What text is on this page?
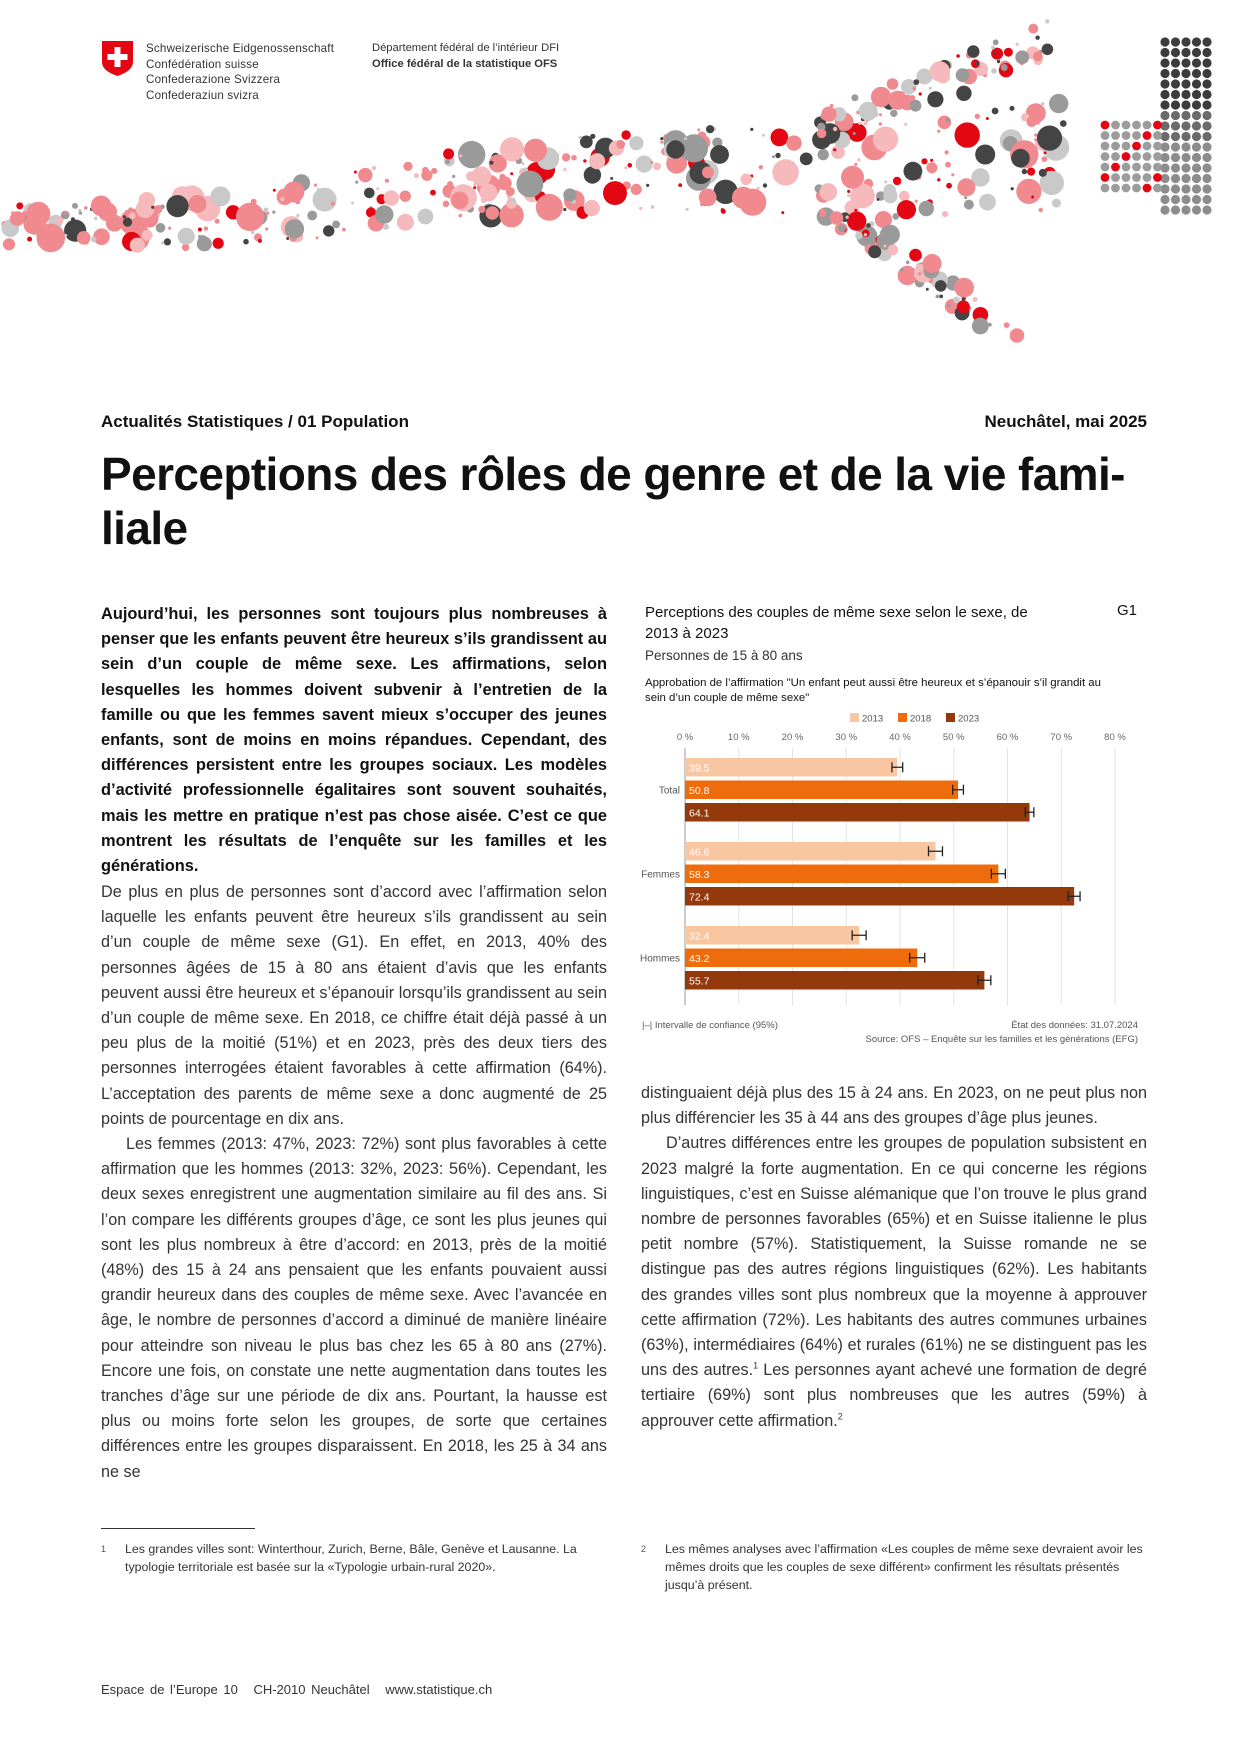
Schweizerische Eidgenossenschaft
Confédération suisse
Confederazione Svizzera
Confederaziun svizra
Département fédéral de l’intérieur DFI
Office fédéral de la statistique OFS
Actualités Statistiques / 01 Population	Neuchâtel, mai 2025
Perceptions des rôles de genre et de la vie fami-
liale
Aujourd’hui, les personnes sont toujours plus nombreuses à penser que les enfants peuvent être heureux s’ils grandissent au sein d’un couple de même sexe. Les affirmations, selon lesquelles les hommes doivent subvenir à l’entretien de la famille ou que les femmes savent mieux s’occuper des jeunes enfants, sont de moins en moins répandues. Cependant, des différences persistent entre les groupes sociaux. Les modèles d’activité professionnelle égalitaires sont souvent souhaités, mais les mettre en pratique n’est pas chose aisée. C’est ce que montrent les résultats de l’enquête sur les familles et les générations.

De plus en plus de personnes sont d’accord avec l’affirmation selon laquelle les enfants peuvent être heureux s’ils grandissent au sein d’un couple de même sexe (G1). En effet, en 2013, 40% des personnes âgées de 15 à 80 ans étaient d’avis que les enfants peuvent aussi être heureux et s’épanouir lorsqu’ils grandissent au sein d’un couple de même sexe. En 2018, ce chiffre était déjà passé à un peu plus de la moitié (51%) et en 2023, près des deux tiers des personnes interrogées étaient favorables à cette affirmation (64%). L’acceptation des parents de même sexe a donc augmenté de 25 points de pourcentage en dix ans.

Les femmes (2013: 47%, 2023: 72%) sont plus favorables à cette affirmation que les hommes (2013: 32%, 2023: 56%). Cependant, les deux sexes enregistrent une augmentation similaire au fil des ans. Si l’on compare les différents groupes d’âge, ce sont les plus jeunes qui sont les plus nombreux à être d’accord: en 2013, près de la moitié (48%) des 15 à 24 ans pensaient que les enfants pouvaient aussi grandir heureux dans des couples de même sexe. Avec l’avancée en âge, le nombre de personnes d’accord a diminué de manière linéaire pour atteindre son niveau le plus bas chez les 65 à 80 ans (27%). Encore une fois, on constate une nette augmentation dans toutes les tranches d’âge sur une période de dix ans. Pourtant, la hausse est plus ou moins forte selon les groupes, de sorte que certaines différences entre les groupes disparaissent. En 2018, les 25 à 34 ans ne se

distinguaient déjà plus des 15 à 24 ans. En 2023, on ne peut plus non plus différencier les 35 à 44 ans des groupes d’âge plus jeunes.

D’autres différences entre les groupes de population subsistent en 2023 malgré la forte augmentation. En ce qui concerne les régions linguistiques, c’est en Suisse alémanique que l’on trouve le plus grand nombre de personnes favorables (65%) et en Suisse italienne le plus petit nombre (57%). Statistiquement, la Suisse romande ne se distingue pas des autres régions linguistiques (62%). Les habitants des grandes villes sont plus nombreux que la moyenne à approuver cette affirmation (72%). Les habitants des autres communes urbaines (63%), intermédiaires (64%) et rurales (61%) ne se distinguent pas les uns des autres.$^1$ Les personnes ayant achevé une formation de degré tertiaire (69%) sont plus nombreuses que les autres (59%) à approuver cette affirmation.$^2$

Perceptions des couples de même sexe selon le sexe, de 2013 à 2023
G1
Personnes de 15 à 80 ans
Approbation de l’affirmation "Un enfant peut aussi être heureux et s’épanouir s’il grandit au sein d’un couple de même sexe"
2013	2018	2023
0 %	10 %	20 %	30 %	40 %	50 %	60 %	70 %	80 %
Total
39.5
50.8
64.1
Femmes
46.6
58.3
72.4
Hommes
32.4
43.2
55.7
|–| Intervalle de confiance (95%)	État des données: 31.07.2024
Source: OFS – Enquête sur les familles et les générations (EFG)
1 Les grandes villes sont: Winterthour, Zurich, Berne, Bâle, Genève et Lausanne. La typologie territoriale est basée sur la «Typologie urbain-rural 2020».
2 Les mêmes analyses avec l’affirmation «Les couples de même sexe devraient avoir les mêmes droits que les couples de sexe différent» confirment les résultats présentés jusqu’à présent.
Espace de l’Europe 10 CH-2010 Neuchâtel www.statistique.ch
